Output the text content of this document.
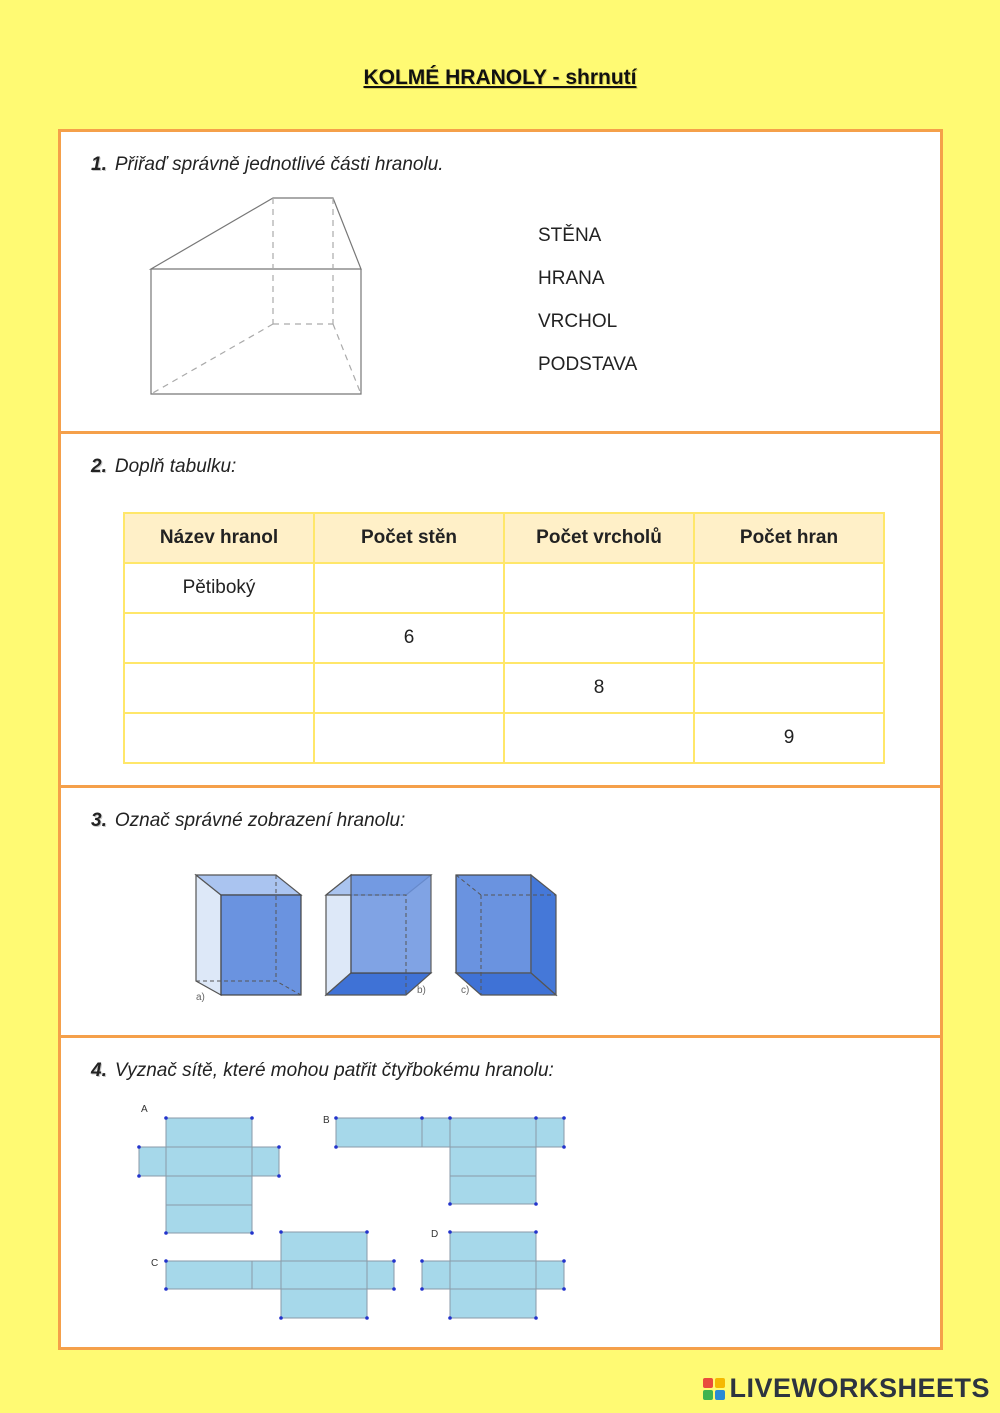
KOLMÉ HRANOLY - shrnutí
1. Přiřaď správně jednotlivé části hranolu.
STĚNA
HRANA
VRCHOL
PODSTAVA
2. Doplň tabulku:
Název hranol	Počet stěn	Počet vrcholů	Počet hran
Pětiboký			
	6		
		8	
			9
3. Označ správné zobrazení hranolu:
a)
b)	c)
4. Vyznač sítě, které mohou patřit čtyřbokému hranolu:
A
B
C
D
LIVEWORKSHEETS
